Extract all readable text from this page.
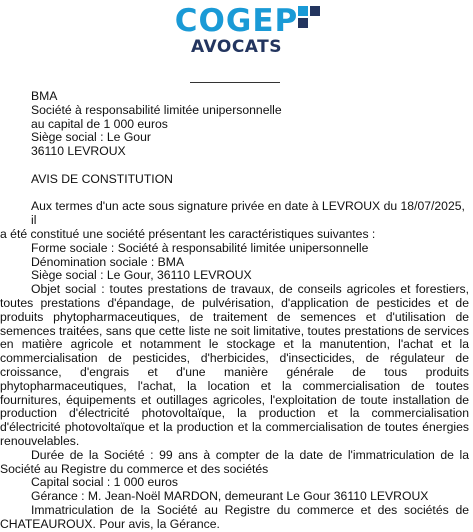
COGEP
AVOCATS

BMA

Société à responsabilité limitée unipersonnelle

au capital de 1 000 euros

Siège social : Le Gour

36110 LEVROUX

AVIS DE CONSTITUTION

Aux termes d'un acte sous signature privée en date à LEVROUX du 18/07/2025, il

a été constitué une société présentant les caractéristiques suivantes :

Forme sociale : Société à responsabilité limitée unipersonnelle

Dénomination sociale : BMA

Siège social : Le Gour, 36110 LEVROUX

Objet social : toutes prestations de travaux, de conseils agricoles et forestiers, toutes prestations d'épandage, de pulvérisation, d'application de pesticides et de produits phytopharmaceutiques, de traitement de semences et d'utilisation de semences traitées, sans que cette liste ne soit limitative, toutes prestations de services en matière agricole et notamment le stockage et la manutention, l'achat et la commercialisation de pesticides, d'herbicides, d'insecticides, de régulateur de croissance, d'engrais et d'une manière générale de tous produits phytopharmaceutiques, l'achat, la location et la commercialisation de toutes fournitures, équipements et outillages agricoles, l'exploitation de toute installation de production d'électricité photovoltaïque, la production et la commercialisation d'électricité photovoltaïque et la production et la commercialisation de toutes énergies renouvelables.

Durée de la Société : 99 ans à compter de la date de l'immatriculation de la Société au Registre du commerce et des sociétés

Capital social : 1 000 euros

Gérance : M. Jean-Noël MARDON, demeurant Le Gour 36110 LEVROUX

Immatriculation de la Société au Registre du commerce et des sociétés de CHATEAUROUX. Pour avis, la Gérance.
